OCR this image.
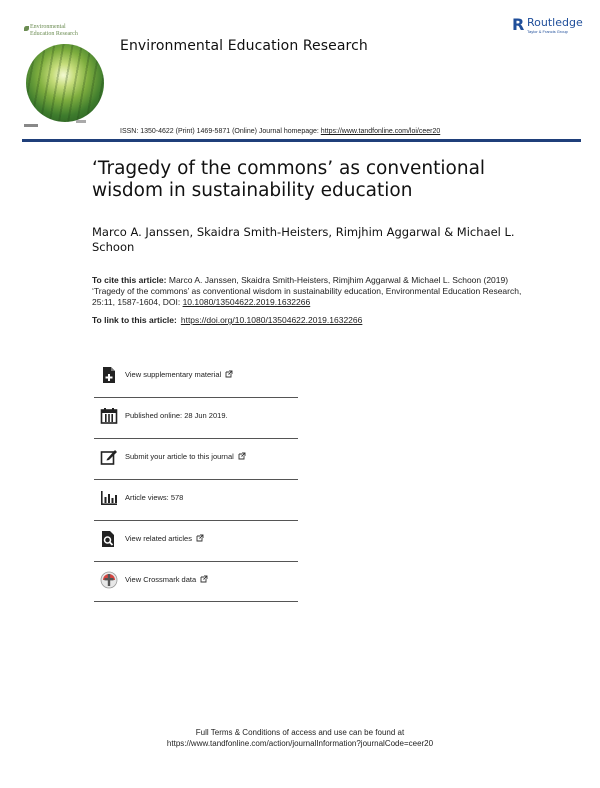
Environmental
Education Research
Environmental Education Research
R Routledge
Taylor & Francis Group
ISSN: 1350-4622 (Print) 1469-5871 (Online) Journal homepage: https://www.tandfonline.com/loi/ceer20
‘Tragedy of the commons’ as conventional wisdom in sustainability education
Marco A. Janssen, Skaidra Smith-Heisters, Rimjhim Aggarwal & Michael L. Schoon
To cite this article: Marco A. Janssen, Skaidra Smith-Heisters, Rimjhim Aggarwal & Michael L. Schoon (2019) ‘Tragedy of the commons’ as conventional wisdom in sustainability education, Environmental Education Research, 25:11, 1587-1604, DOI: 10.1080/13504622.2019.1632266
To link to this article: https://doi.org/10.1080/13504622.2019.1632266
View supplementary material
Published online: 28 Jun 2019.
Submit your article to this journal
Article views: 578
View related articles
View Crossmark data
Full Terms & Conditions of access and use can be found at
https://www.tandfonline.com/action/journalInformation?journalCode=ceer20
